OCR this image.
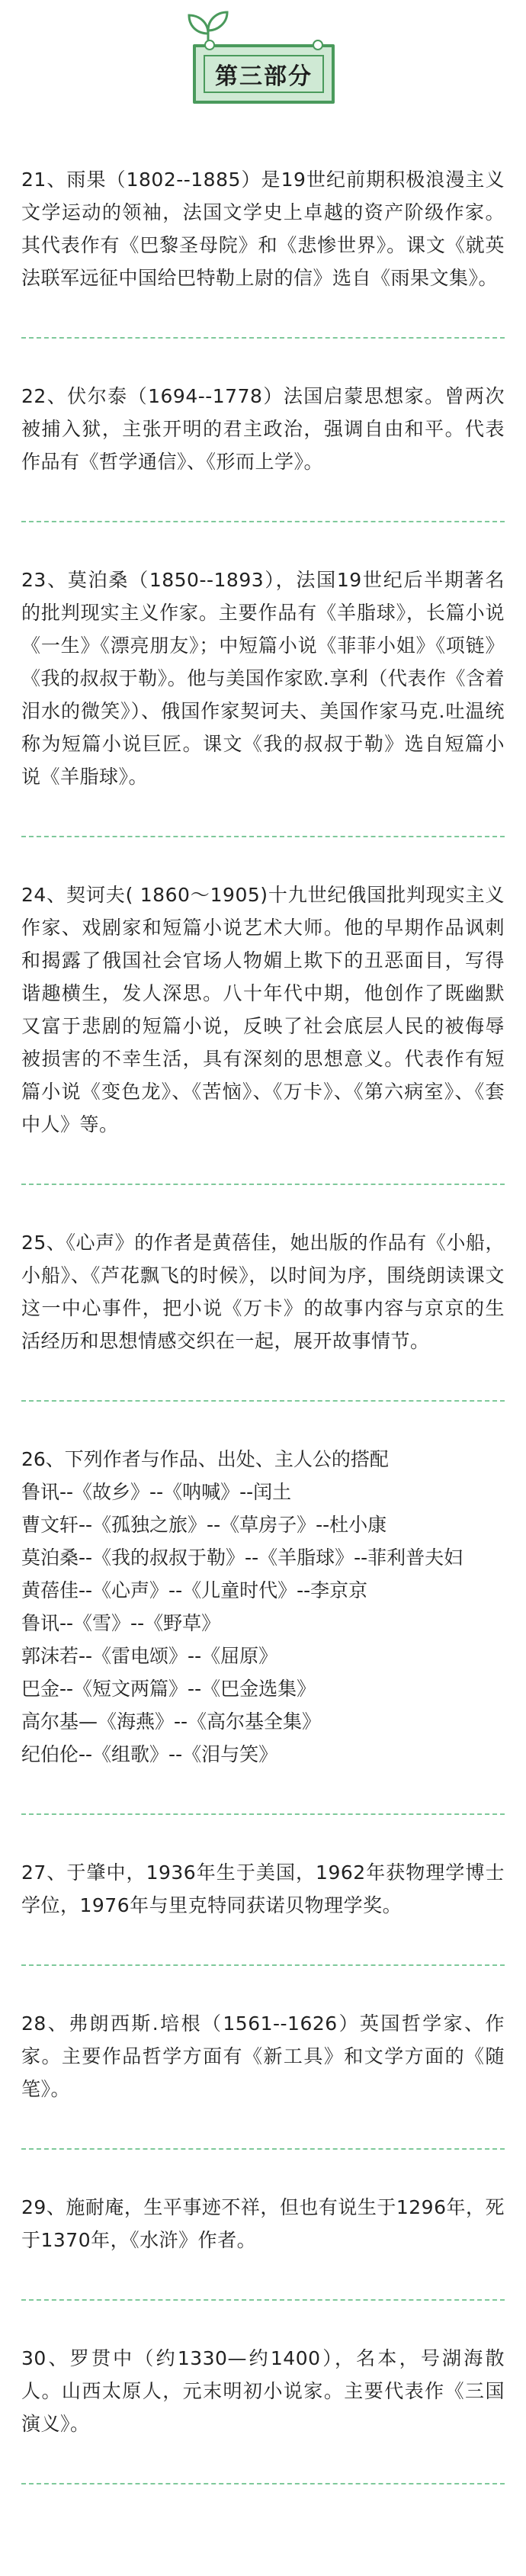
第三部分

21、雨果（1802--1885）是19世纪前期积极浪漫主义文学运动的领袖，法国文学史上卓越的资产阶级作家。其代表作有《巴黎圣母院》和《悲惨世界》。课文《就英法联军远征中国给巴特勒上尉的信》选自《雨果文集》。

22、伏尔泰（1694--1778）法国启蒙思想家。曾两次被捕入狱，主张开明的君主政治，强调自由和平。代表作品有《哲学通信》、《形而上学》。

23、莫泊桑（1850--1893），法国19世纪后半期著名的批判现实主义作家。主要作品有《羊脂球》，长篇小说《一生》《漂亮朋友》；中短篇小说《菲菲小姐》《项链》《我的叔叔于勒》。他与美国作家欧.享利（代表作《含着泪水的微笑》）、俄国作家契诃夫、美国作家马克.吐温统称为短篇小说巨匠。课文《我的叔叔于勒》选自短篇小说《羊脂球》。

24、契诃夫( 1860～1905)十九世纪俄国批判现实主义作家、戏剧家和短篇小说艺术大师。他的早期作品讽刺和揭露了俄国社会官场人物媚上欺下的丑恶面目，写得谐趣横生，发人深思。八十年代中期，他创作了既幽默又富于悲剧的短篇小说，反映了社会底层人民的被侮辱被损害的不幸生活，具有深刻的思想意义。代表作有短篇小说《变色龙》、《苦恼》、《万卡》、《第六病室》、《套中人》等。

25、《心声》的作者是黄蓓佳，她出版的作品有《小船，小船》、《芦花飘飞的时候》，以时间为序，围绕朗读课文这一中心事件，把小说《万卡》的故事内容与京京的生活经历和思想情感交织在一起，展开故事情节。

26、下列作者与作品、出处、主人公的搭配

鲁讯--《故乡》--《呐喊》--闰土

曹文轩--《孤独之旅》--《草房子》--杜小康

莫泊桑--《我的叔叔于勒》--《羊脂球》--菲利普夫妇

黄蓓佳--《心声》--《儿童时代》--李京京

鲁讯--《雪》--《野草》

郭沫若--《雷电颂》--《屈原》

巴金--《短文两篇》--《巴金选集》

高尔基—《海燕》--《高尔基全集》

纪伯伦--《组歌》--《泪与笑》

27、于肇中，1936年生于美国，1962年获物理学博士学位，1976年与里克特同获诺贝物理学奖。

28、弗朗西斯.培根（1561--1626）英国哲学家、作家。主要作品哲学方面有《新工具》和文学方面的《随笔》。

29、施耐庵，生平事迹不祥，但也有说生于1296年，死于1370年，《水浒》作者。

30、罗贯中（约1330—约1400），名本，号湖海散人。山西太原人，元末明初小说家。主要代表作《三国演义》。
